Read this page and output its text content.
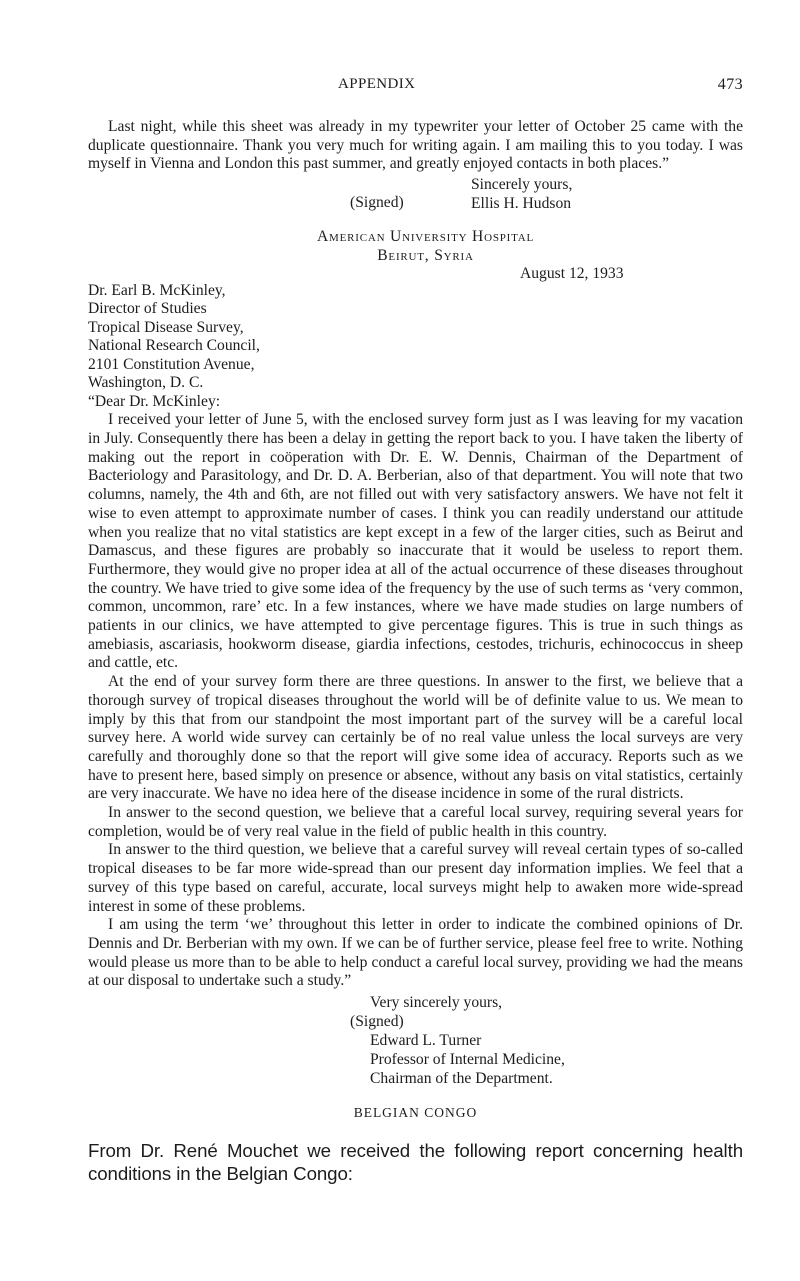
APPENDIX	473

Last night, while this sheet was already in my typewriter your letter of October 25 came with the duplicate questionnaire. Thank you very much for writing again. I am mailing this to you today. I was myself in Vienna and London this past summer, and greatly enjoyed contacts in both places.”

(Signed)
Sincerely yours,
Ellis H. Hudson
American University Hospital
Beirut, Syria
August 12, 1933
Dr. Earl B. McKinley,
Director of Studies
Tropical Disease Survey,
National Research Council,
2101 Constitution Avenue,
Washington, D. C.
“Dear Dr. McKinley:

I received your letter of June 5, with the enclosed survey form just as I was leaving for my vacation in July. Consequently there has been a delay in getting the report back to you. I have taken the liberty of making out the report in coöperation with Dr. E. W. Dennis, Chairman of the Department of Bacteriology and Parasitology, and Dr. D. A. Berberian, also of that department. You will note that two columns, namely, the 4th and 6th, are not filled out with very satisfactory answers. We have not felt it wise to even attempt to approximate number of cases. I think you can readily understand our attitude when you realize that no vital statistics are kept except in a few of the larger cities, such as Beirut and Damascus, and these figures are probably so inaccurate that it would be useless to report them. Furthermore, they would give no proper idea at all of the actual occurrence of these diseases throughout the country. We have tried to give some idea of the frequency by the use of such terms as ‘very common, common, uncommon, rare’ etc. In a few instances, where we have made studies on large numbers of patients in our clinics, we have attempted to give percentage figures. This is true in such things as amebiasis, ascariasis, hookworm disease, giardia infections, cestodes, trichuris, echinococcus in sheep and cattle, etc.

At the end of your survey form there are three questions. In answer to the first, we believe that a thorough survey of tropical diseases throughout the world will be of definite value to us. We mean to imply by this that from our standpoint the most important part of the survey will be a careful local survey here. A world wide survey can certainly be of no real value unless the local surveys are very carefully and thoroughly done so that the report will give some idea of accuracy. Reports such as we have to present here, based simply on presence or absence, without any basis on vital statistics, certainly are very inaccurate. We have no idea here of the disease incidence in some of the rural districts.

In answer to the second question, we believe that a careful local survey, requiring several years for completion, would be of very real value in the field of public health in this country.

In answer to the third question, we believe that a careful survey will reveal certain types of so-called tropical diseases to be far more wide-spread than our present day information implies. We feel that a survey of this type based on careful, accurate, local surveys might help to awaken more wide-spread interest in some of these problems.

I am using the term ‘we’ throughout this letter in order to indicate the combined opinions of Dr. Dennis and Dr. Berberian with my own. If we can be of further service, please feel free to write. Nothing would please us more than to be able to help conduct a careful local survey, providing we had the means at our disposal to undertake such a study.”

Very sincerely yours,
(Signed)
Edward L. Turner
Professor of Internal Medicine,
Chairman of the Department.
BELGIAN CONGO

From Dr. René Mouchet we received the following report concerning health conditions in the Belgian Congo:
